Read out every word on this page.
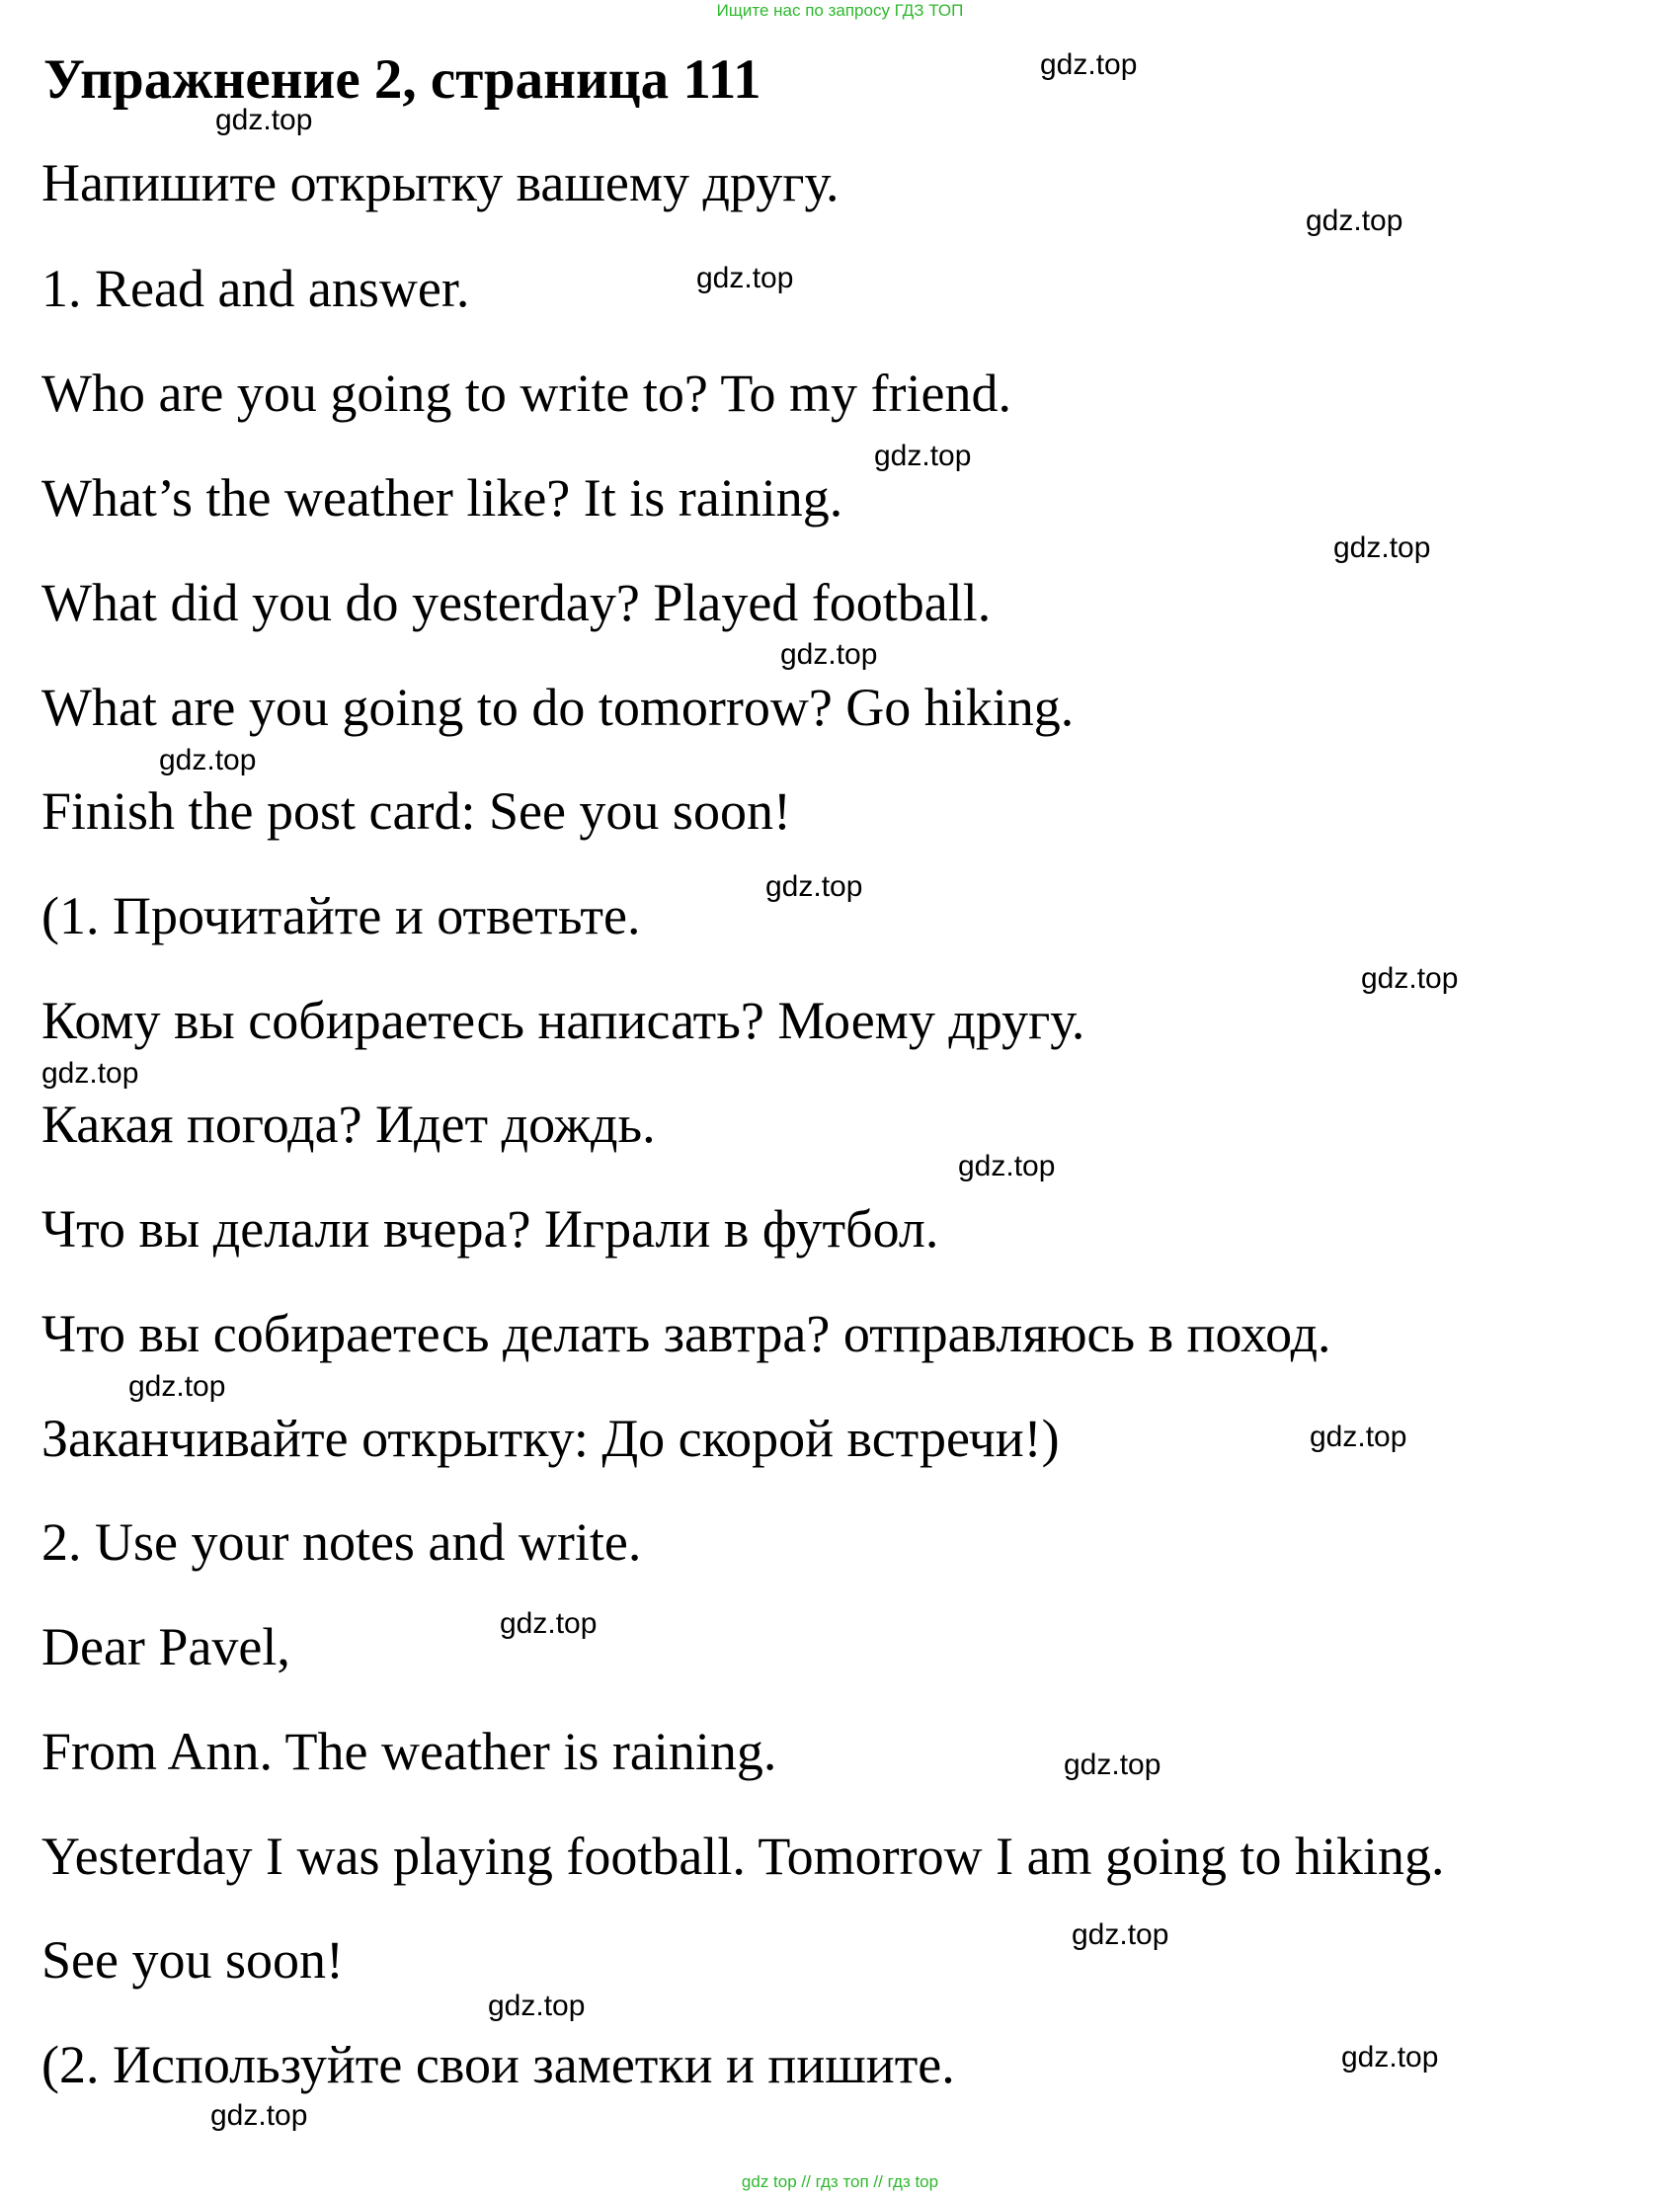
Ищите нас по запросу ГДЗ ТОП
Упражнение 2, страница 111
Напишите открытку вашему другу.
1. Read and answer.
Who are you going to write to? To my friend.
What’s the weather like? It is raining.
What did you do yesterday? Played football.
What are you going to do tomorrow? Go hiking.
Finish the post card: See you soon!
(1. Прочитайте и ответьте.
Кому вы собираетесь написать? Моему другу.
Какая погода? Идет дождь.
Что вы делали вчера? Играли в футбол.
Что вы собираетесь делать завтра? отправляюсь в поход.
Заканчивайте открытку: До скорой встречи!)
2. Use your notes and write.
Dear Pavel,
From Ann. The weather is raining.
Yesterday I was playing football. Tomorrow I am going to hiking.
See you soon!
(2. Используйте свои заметки и пишите.
gdz.top
gdz.top
gdz.top
gdz.top
gdz.top
gdz.top
gdz.top
gdz.top
gdz.top
gdz.top
gdz.top
gdz.top
gdz.top
gdz.top
gdz.top
gdz.top
gdz.top
gdz.top
gdz.top
gdz.top
gdz top // гдз топ // гдз top
